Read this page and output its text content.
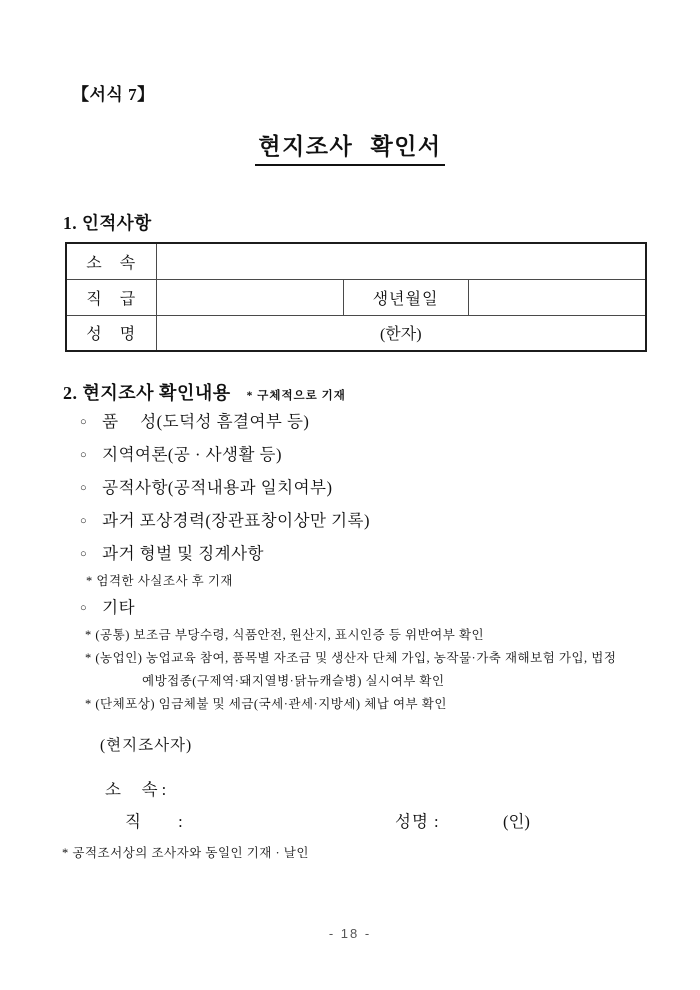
【서식 7】
현지조사 확인서
1. 인적사항
소　속			
직　급		생년월일	
성　명	(한자)		
2. 현지조사 확인내용 * 구체적으로 기재
○ 품　 성(도덕성 흠결여부 등)
○ 지역여론(공 · 사생활 등)
○ 공적사항(공적내용과 일치여부)
○ 과거 포상경력(장관표창이상만 기록)
○ 과거 형벌 및 징계사항
* 엄격한 사실조사 후 기재
○ 기타
* (공통) 보조금 부당수령, 식품안전, 원산지, 표시인증 등 위반여부 확인
* (농업인) 농업교육 참여, 품목별 자조금 및 생산자 단체 가입, 농작물·가축 재해보험 가입, 법정
예방접종(구제역·돼지열병·닭뉴캐슬병) 실시여부 확인
* (단체포상) 임금체불 및 세금(국세·관세·지방세) 체납 여부 확인
(현지조사자)
소　 속 :
직　　 :	성명 :	(인)
* 공적조서상의 조사자와 동일인 기재 · 날인
- 18 -
